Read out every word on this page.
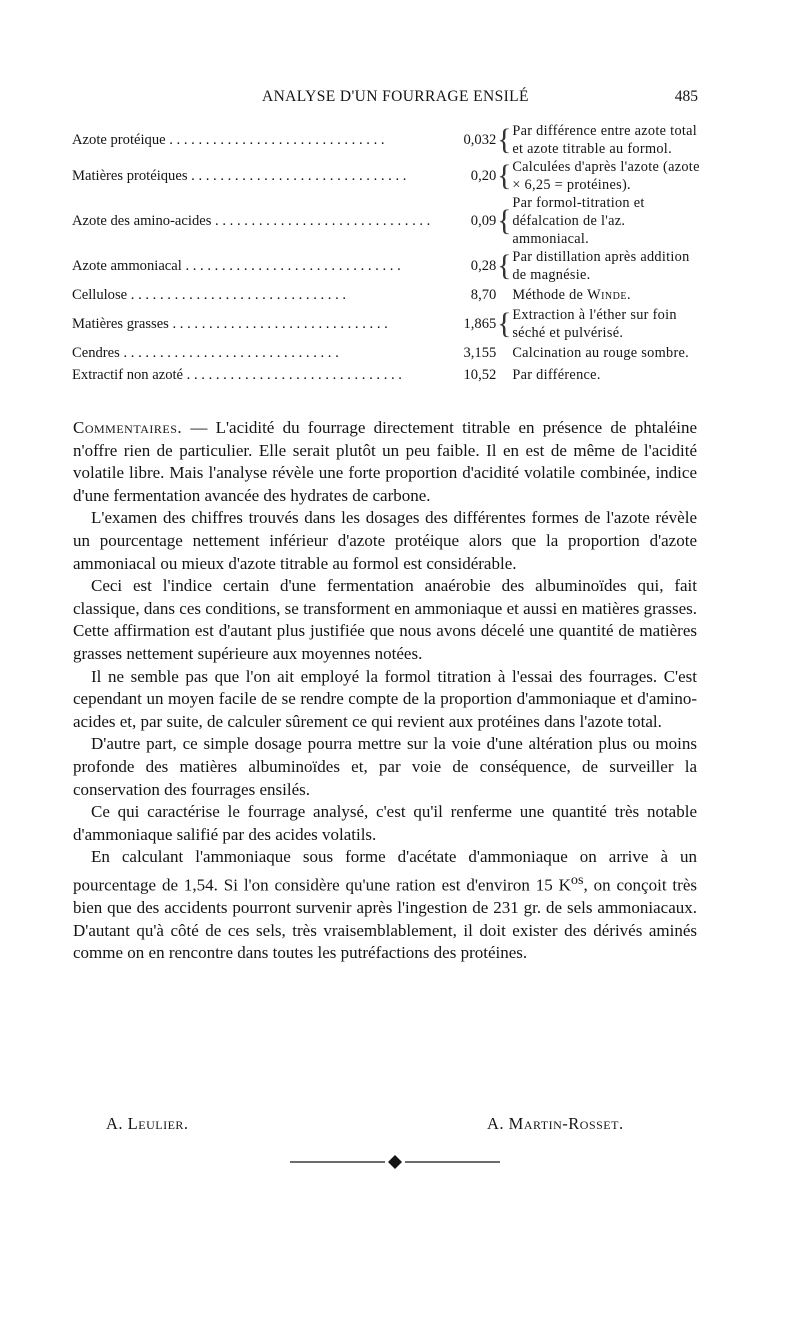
ANALYSE D'UN FOURRAGE ENSILÉ	485
Azote protéique . . .	0,032	{	Par différence entre azote total et azote titrable au formol.
Matières protéiques . . .	0,20	{	Calculées d'après l'azote (azote × 6,25 = protéines).
Azote des amino-acides . . .	0,09	{	Par formol-titration et défalcation de l'az. ammoniacal.
Azote ammoniacal . . .	0,28	{	Par distillation après addition de magnésie.
Cellulose . . .	8,70		Méthode de Winde.
Matières grasses . . .	1,865	{	Extraction à l'éther sur foin séché et pulvérisé.
Cendres . . .	3,155		Calcination au rouge sombre.
Extractif non azoté . . .	10,52		Par différence.

Commentaires. — L'acidité du fourrage directement titrable en présence de phtaléine n'offre rien de particulier. Elle serait plutôt un peu faible. Il en est de même de l'acidité volatile libre. Mais l'analyse révèle une forte proportion d'acidité volatile combinée, indice d'une fermentation avancée des hydrates de carbone.

L'examen des chiffres trouvés dans les dosages des différentes formes de l'azote révèle un pourcentage nettement inférieur d'azote protéique alors que la proportion d'azote ammoniacal ou mieux d'azote titrable au formol est considérable.

Ceci est l'indice certain d'une fermentation anaérobie des albuminoïdes qui, fait classique, dans ces conditions, se transforment en ammoniaque et aussi en matières grasses. Cette affirmation est d'autant plus justifiée que nous avons décelé une quantité de matières grasses nettement supérieure aux moyennes notées.

Il ne semble pas que l'on ait employé la formol titration à l'essai des fourrages. C'est cependant un moyen facile de se rendre compte de la proportion d'ammoniaque et d'amino-acides et, par suite, de calculer sûrement ce qui revient aux protéines dans l'azote total.

D'autre part, ce simple dosage pourra mettre sur la voie d'une altération plus ou moins profonde des matières albuminoïdes et, par voie de conséquence, de surveiller la conservation des fourrages ensilés.

Ce qui caractérise le fourrage analysé, c'est qu'il renferme une quantité très notable d'ammoniaque salifié par des acides volatils.

En calculant l'ammoniaque sous forme d'acétate d'ammoniaque on arrive à un pourcentage de 1,54. Si l'on considère qu'une ration est d'environ 15 $K^{os}$, on conçoit très bien que des accidents pourront survenir après l'ingestion de 231 gr. de sels ammoniacaux. D'autant qu'à côté de ces sels, très vraisemblablement, il doit exister des dérivés aminés comme on en rencontre dans toutes les putréfactions des protéines.

A. Leulier.	A. Martin-Rosset.
